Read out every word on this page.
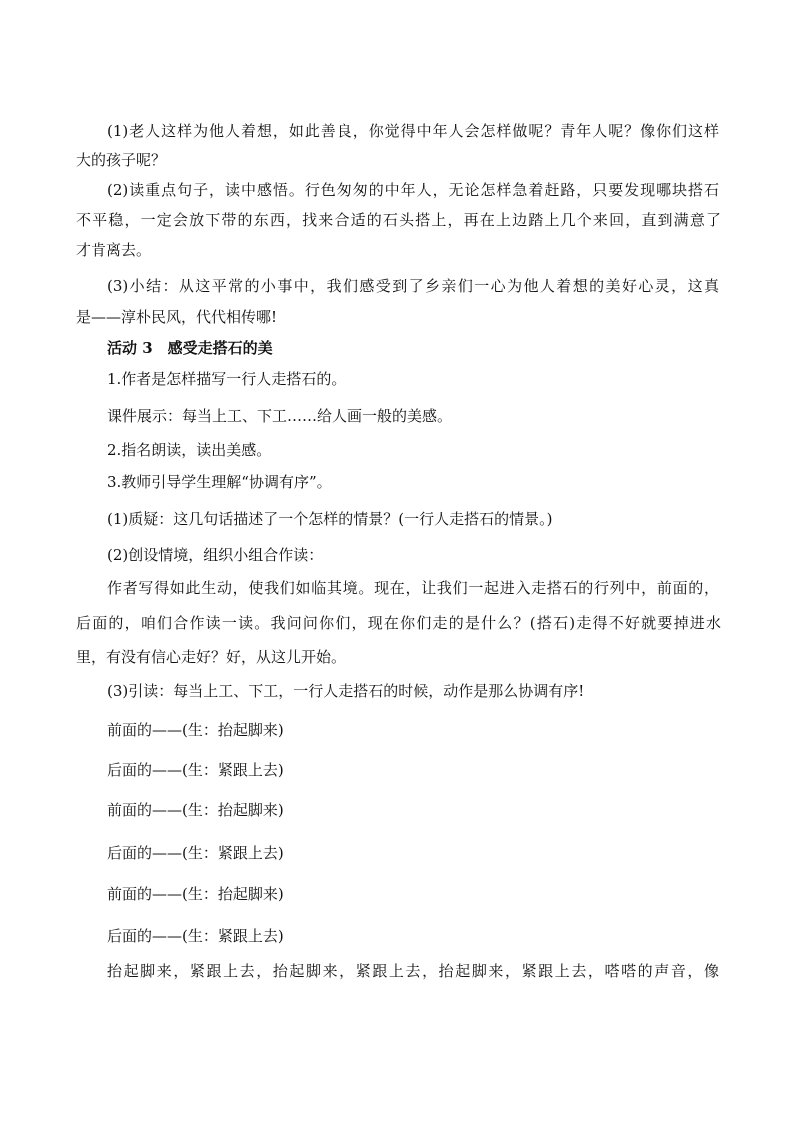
(1)老人这样为他人着想，如此善良，你觉得中年人会怎样做呢？青年人呢？像你们这样
大的孩子呢？
(2)读重点句子，读中感悟。行色匆匆的中年人，无论怎样急着赶路，只要发现哪块搭石
不平稳，一定会放下带的东西，找来合适的石头搭上，再在上边踏上几个来回，直到满意了
才肯离去。
(3)小结：从这平常的小事中，我们感受到了乡亲们一心为他人着想的美好心灵，这真
是——淳朴民风，代代相传哪!
活动 3　感受走搭石的美
1.作者是怎样描写一行人走搭石的。
课件展示：每当上工、下工……给人画一般的美感。
2.指名朗读，读出美感。
3.教师引导学生理解“协调有序”。
(1)质疑：这几句话描述了一个怎样的情景？(一行人走搭石的情景。)
(2)创设情境，组织小组合作读：
作者写得如此生动，使我们如临其境。现在，让我们一起进入走搭石的行列中，前面的，
后面的，咱们合作读一读。我问问你们，现在你们走的是什么？(搭石)走得不好就要掉进水
里，有没有信心走好？好，从这儿开始。
(3)引读：每当上工、下工，一行人走搭石的时候，动作是那么协调有序!
前面的——(生：抬起脚来)
后面的——(生：紧跟上去)
前面的——(生：抬起脚来)
后面的——(生：紧跟上去)
前面的——(生：抬起脚来)
后面的——(生：紧跟上去)
抬起脚来，紧跟上去，抬起脚来，紧跟上去，抬起脚来，紧跟上去，嗒嗒的声音，像
